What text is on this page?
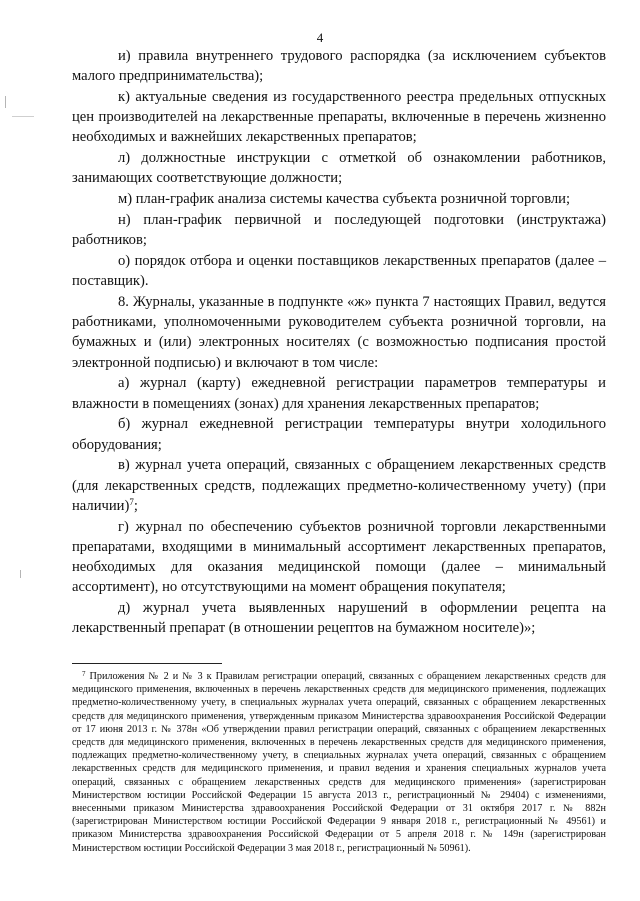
4

и) правила внутреннего трудового распорядка (за исключением субъектов малого предпринимательства);

к) актуальные сведения из государственного реестра предельных отпускных цен производителей на лекарственные препараты, включенные в перечень жизненно необходимых и важнейших лекарственных препаратов;

л) должностные инструкции с отметкой об ознакомлении работников, занимающих соответствующие должности;

м) план-график анализа системы качества субъекта розничной торговли;

н) план-график первичной и последующей подготовки (инструктажа) работников;

о) порядок отбора и оценки поставщиков лекарственных препаратов (далее – поставщик).

8. Журналы, указанные в подпункте «ж» пункта 7 настоящих Правил, ведутся работниками, уполномоченными руководителем субъекта розничной торговли, на бумажных и (или) электронных носителях (с возможностью подписания простой электронной подписью) и включают в том числе:

а) журнал (карту) ежедневной регистрации параметров температуры и влажности в помещениях (зонах) для хранения лекарственных препаратов;

б) журнал ежедневной регистрации температуры внутри холодильного оборудования;

в) журнал учета операций, связанных с обращением лекарственных средств (для лекарственных средств, подлежащих предметно-количественному учету) (при наличии)$^7$;

г) журнал по обеспечению субъектов розничной торговли лекарственными препаратами, входящими в минимальный ассортимент лекарственных препаратов, необходимых для оказания медицинской помощи (далее – минимальный ассортимент), но отсутствующими на момент обращения покупателя;

д) журнал учета выявленных нарушений в оформлении рецепта на лекарственный препарат (в отношении рецептов на бумажном носителе)»;

$^7$ Приложения № 2 и № 3 к Правилам регистрации операций, связанных с обращением лекарственных средств для медицинского применения, включенных в перечень лекарственных средств для медицинского применения, подлежащих предметно-количественному учету, в специальных журналах учета операций, связанных с обращением лекарственных средств для медицинского применения, утвержденным приказом Министерства здравоохранения Российской Федерации от 17 июня 2013 г. № 378н «Об утверждении правил регистрации операций, связанных с обращением лекарственных средств для медицинского применения, включенных в перечень лекарственных средств для медицинского применения, подлежащих предметно-количественному учету, в специальных журналах учета операций, связанных с обращением лекарственных средств для медицинского применения, и правил ведения и хранения специальных журналов учета операций, связанных с обращением лекарственных средств для медицинского применения» (зарегистрирован Министерством юстиции Российской Федерации 15 августа 2013 г., регистрационный № 29404) с изменениями, внесенными приказом Министерства здравоохранения Российской Федерации от 31 октября 2017 г. № 882н (зарегистрирован Министерством юстиции Российской Федерации 9 января 2018 г., регистрационный № 49561) и приказом Министерства здравоохранения Российской Федерации от 5 апреля 2018 г. № 149н (зарегистрирован Министерством юстиции Российской Федерации 3 мая 2018 г., регистрационный № 50961).
